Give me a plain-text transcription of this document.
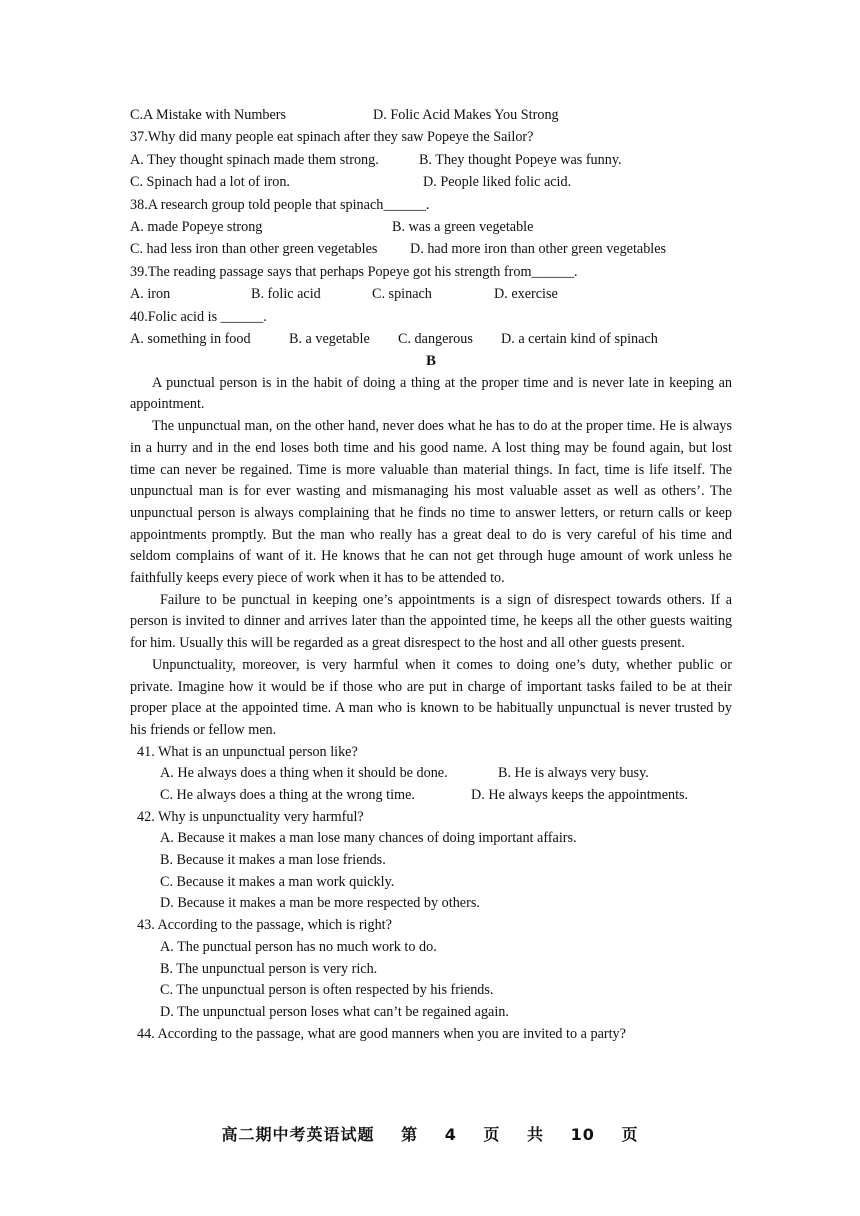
C.A Mistake with Numbers	D. Folic Acid Makes You Strong
37.Why did many people eat spinach after they saw Popeye the Sailor?
A. They thought spinach made them strong.	B. They thought Popeye was funny.
C. Spinach had a lot of iron.	D. People liked folic acid.
38.A research group told people that spinach______.
A. made Popeye strong	B. was a green vegetable
C. had less iron than other green vegetables D. had more iron than other green vegetables
39.The reading passage says that perhaps Popeye got his strength from______.
A. iron	B. folic acid	C. spinach	D. exercise
40.Folic acid is ______.
A. something in food	B. a vegetable C. dangerous D. a certain kind of spinach
B

A punctual person is in the habit of doing a thing at the proper time and is never late in keeping an appointment.

The unpunctual man, on the other hand, never does what he has to do at the proper time. He is always in a hurry and in the end loses both time and his good name. A lost thing may be found again, but lost time can never be regained. Time is more valuable than material things. In fact, time is life itself. The unpunctual man is for ever wasting and mismanaging his most valuable asset as well as others’. The unpunctual person is always complaining that he finds no time to answer letters, or return calls or keep appointments promptly. But the man who really has a great deal to do is very careful of his time and seldom complains of want of it. He knows that he can not get through huge amount of work unless he faithfully keeps every piece of work when it has to be attended to.

Failure to be punctual in keeping one’s appointments is a sign of disrespect towards others. If a person is invited to dinner and arrives later than the appointed time, he keeps all the other guests waiting for him. Usually this will be regarded as a great disrespect to the host and all other guests present.

Unpunctuality, moreover, is very harmful when it comes to doing one’s duty, whether public or private. Imagine how it would be if those who are put in charge of important tasks failed to be at their proper place at the appointed time. A man who is known to be habitually unpunctual is never trusted by his friends or fellow men.

41. What is an unpunctual person like?
A. He always does a thing when it should be done.	B. He is always very busy.
C. He always does a thing at the wrong time.	D. He always keeps the appointments.
42. Why is unpunctuality very harmful?
A. Because it makes a man lose many chances of doing important affairs.
B. Because it makes a man lose friends.
C. Because it makes a man work quickly.
D. Because it makes a man be more respected by others.
43. According to the passage, which is right?
A. The punctual person has no much work to do.
B. The unpunctual person is very rich.
C. The unpunctual person is often respected by his friends.
D. The unpunctual person loses what can’t be regained again.
44. According to the passage, what are good manners when you are invited to a party?
高二期中考英语试题 第 4 页 共 10 页
